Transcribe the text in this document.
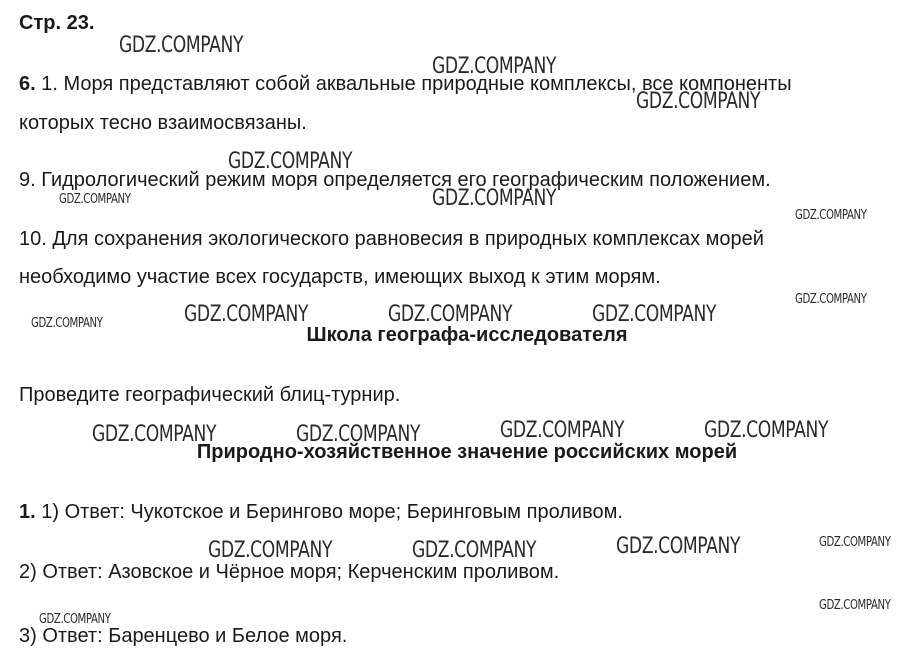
Стр. 23.
6. 1. Моря представляют собой аквальные природные комплексы, все компоненты
которых тесно взаимосвязаны.
9. Гидрологический режим моря определяется его географическим положением.
10. Для сохранения экологического равновесия в природных комплексах морей
необходимо участие всех государств, имеющих выход к этим морям.
Школа географа-исследователя
Проведите географический блиц-турнир.
Природно-хозяйственное значение российских морей
1. 1) Ответ: Чукотское и Берингово море; Беринговым проливом.
2) Ответ: Азовское и Чёрное моря; Керченским проливом.
3) Ответ: Баренцево и Белое моря.
GDZ.COMPANY
GDZ.COMPANY
GDZ.COMPANY
GDZ.COMPANY
GDZ.COMPANY	GDZ.COMPANY
GDZ.COMPANY
GDZ.COMPANY
GDZ.COMPANY	GDZ.COMPANY	GDZ.COMPANY	GDZ.COMPANY
GDZ.COMPANY	GDZ.COMPANY	GDZ.COMPANY	GDZ.COMPANY
GDZ.COMPANY	GDZ.COMPANY	GDZ.COMPANY	GDZ.COMPANY
GDZ.COMPANY
GDZ.COMPANY
